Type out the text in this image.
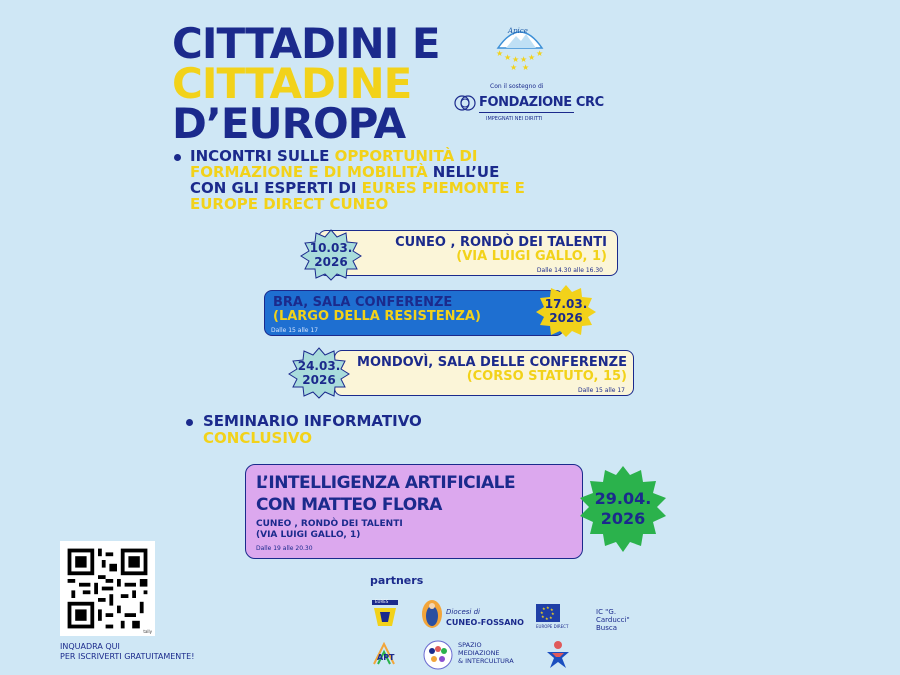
CITTADINI E
CITTADINE
D’EUROPA
★ ★ ★ ★ ★ ★
★ ★
Apice
Con il sostegno di
FONDAZIONE CRC
IMPEGNATI NEI DIRITTI
INCONTRI SULLE OPPORTUNITÀ DI
FORMAZIONE E DI MOBILITÀ NELL’UE
CON GLI ESPERTI DI EURES PIEMONTE E
EUROPE DIRECT CUNEO
CUNEO , RONDÒ DEI TALENTI
(VIA LUIGI GALLO, 1)
Dalle 14.30 alle 16.30
10.03.
2026
BRA, SALA CONFERENZE
(LARGO DELLA RESISTENZA)
Dalle 15 alle 17
17.03.
2026
MONDOVÌ, SALA DELLE CONFERENZE
(CORSO STATUTO, 15)
Dalle 15 alle 17
24.03.
2026
SEMINARIO INFORMATIVO
CONCLUSIVO
L’INTELLIGENZA ARTIFICIALE
CON MATTEO FLORA
CUNEO , RONDÒ DEI TALENTI
(VIA LUIGI GALLO, 1)
Dalle 19 alle 20.30
29.04.
2026
tally
INQUADRA QUI
PER ISCRIVERTI GRATUITAMENTE!
partners
EURES
Diocesi di
CUNEO-FOSSANO
★ ★
★
★
★
★
★
★
EUROPE DIRECT
IC "G.
Carducci"
Busca
APT
SPAZIO
MEDIAZIONE
& INTERCULTURA
